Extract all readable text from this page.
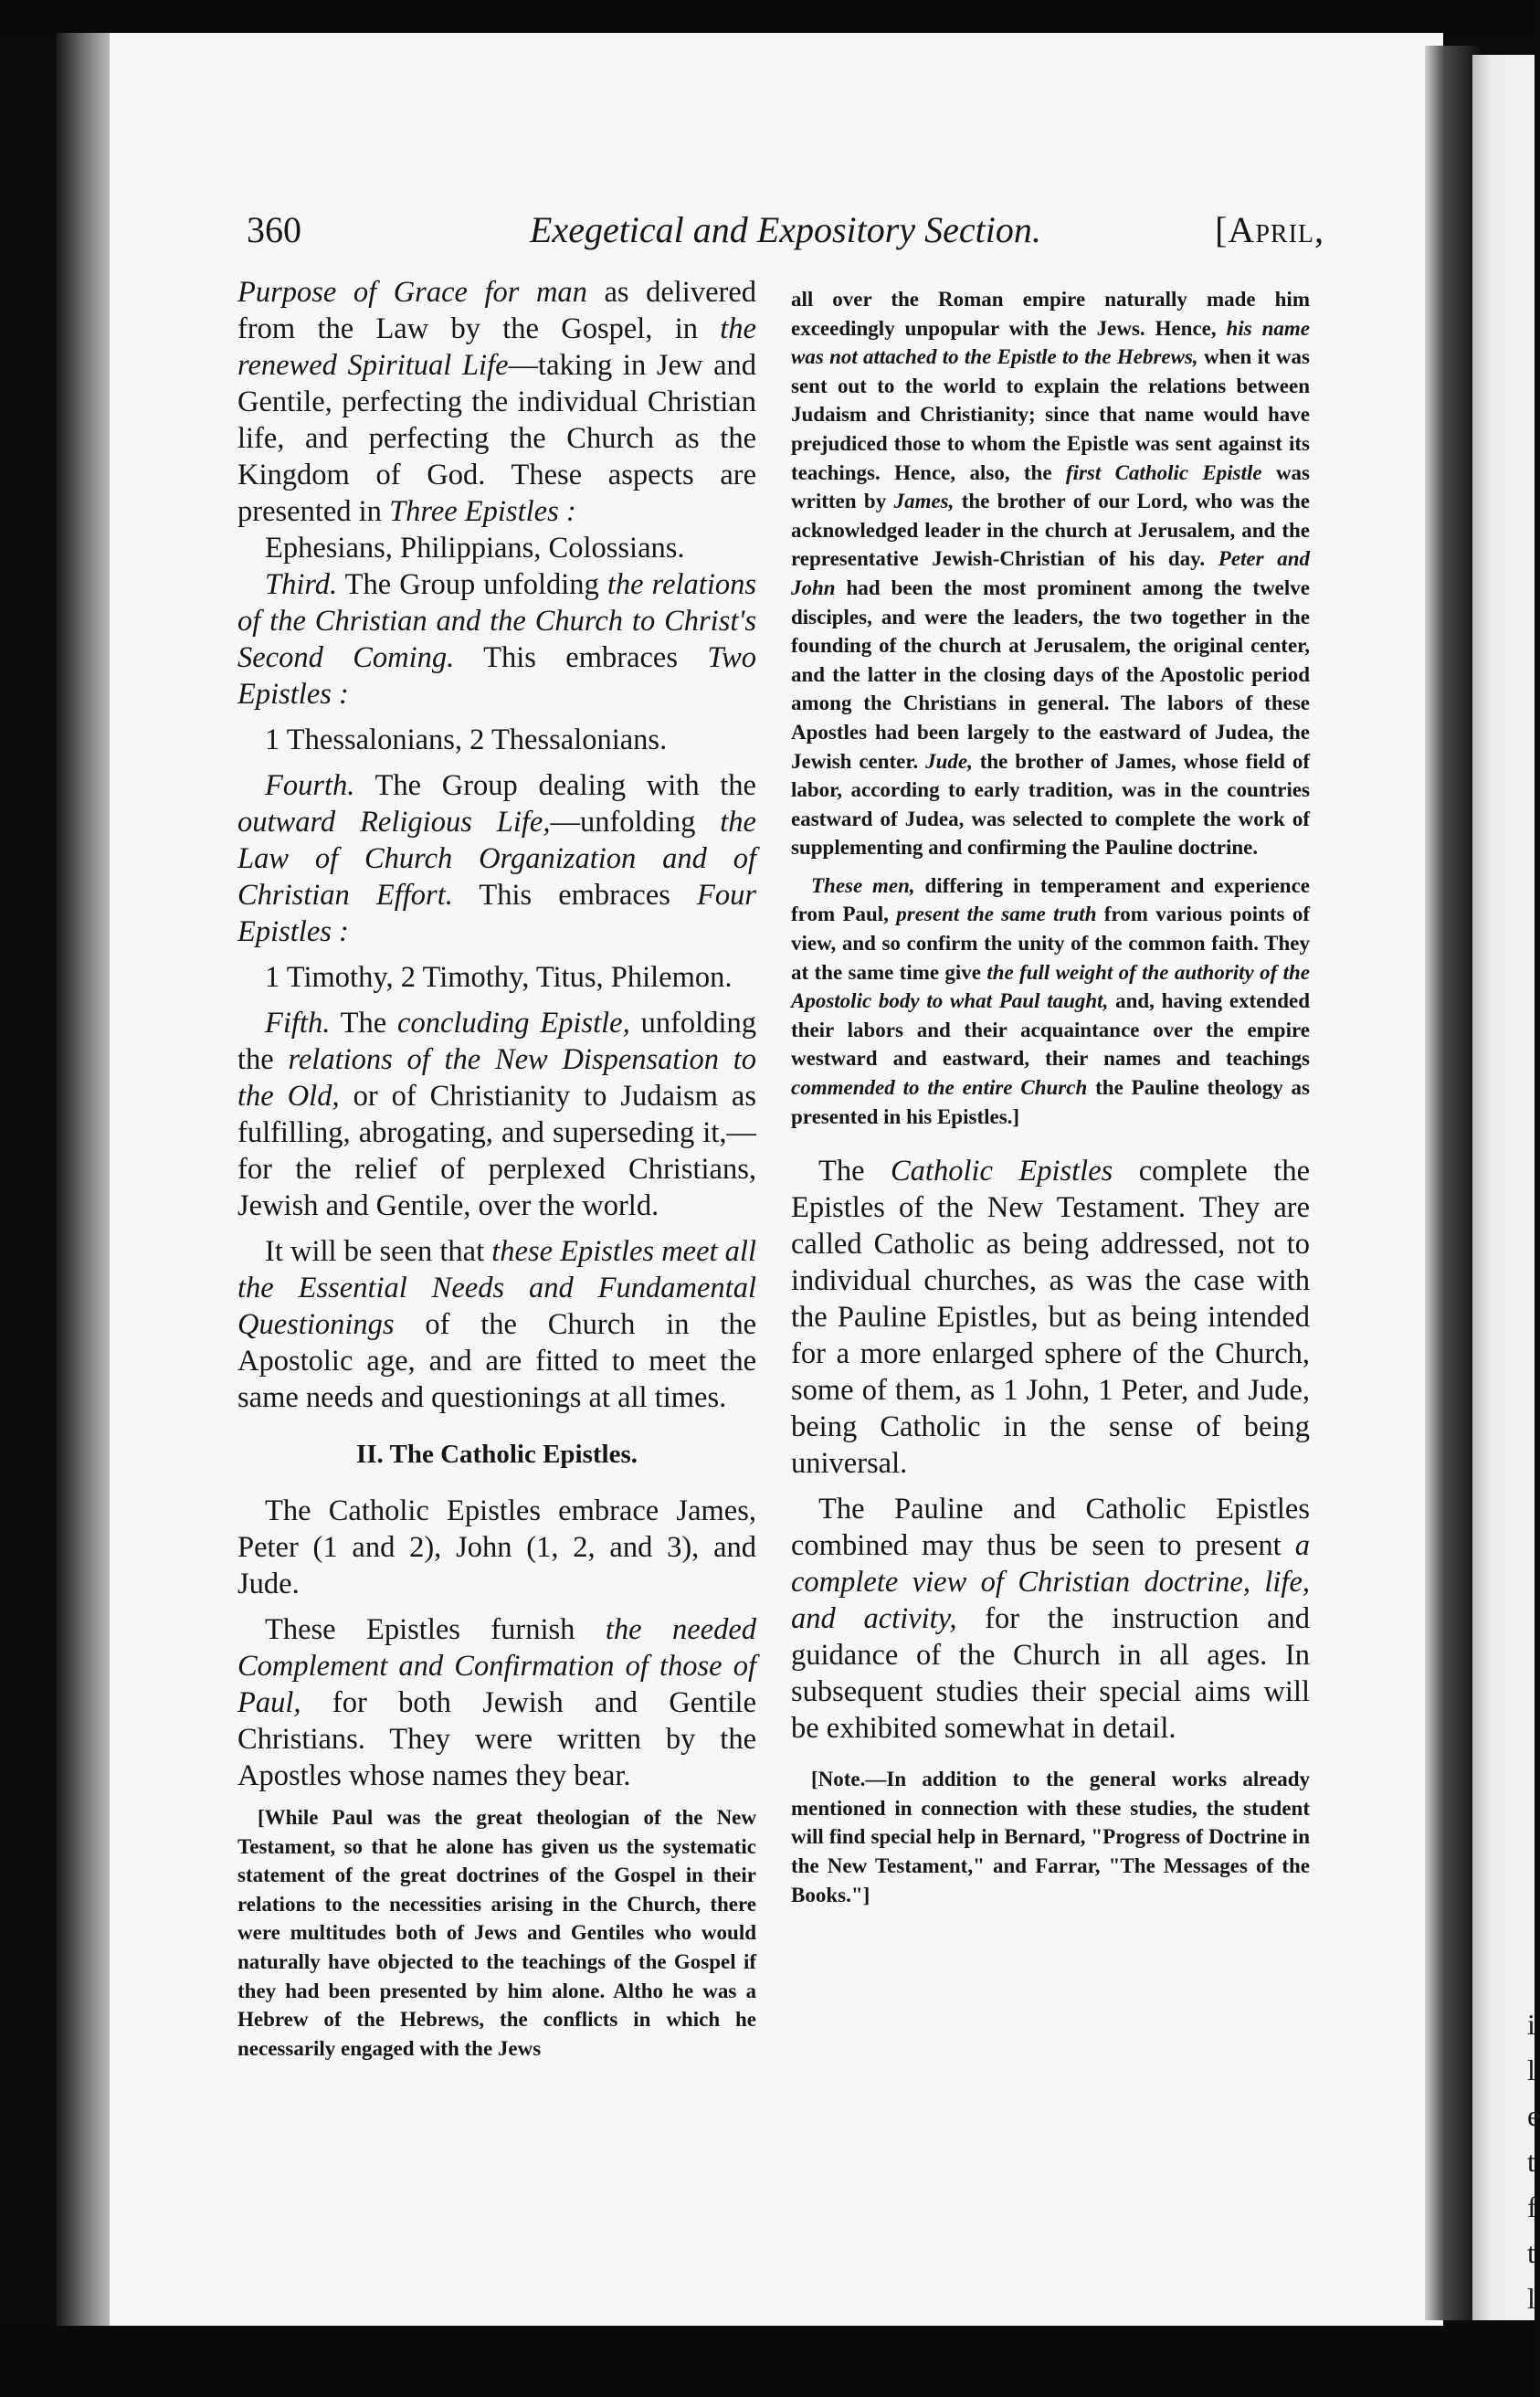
i
l
e
t
f
t
l
360	Exegetical and Expository Section.	[April,

Purpose of Grace for man as delivered from the Law by the Gospel, in the renewed Spiritual Life—taking in Jew and Gentile, perfecting the individual Christian life, and perfecting the Church as the Kingdom of God. These aspects are presented in Three Epistles :

Ephesians, Philippians, Colossians.

Third. The Group unfolding the relations of the Christian and the Church to Christ's Second Coming. This embraces Two Epistles :

1 Thessalonians, 2 Thessalonians.

Fourth. The Group dealing with the outward Religious Life,—unfolding the Law of Church Organization and of Christian Effort. This embraces Four Epistles :

1 Timothy, 2 Timothy, Titus, Philemon.

Fifth. The concluding Epistle, unfolding the relations of the New Dispensation to the Old, or of Christianity to Judaism as fulfilling, abrogating, and superseding it,—for the relief of perplexed Christians, Jewish and Gentile, over the world.

It will be seen that these Epistles meet all the Essential Needs and Fundamental Questionings of the Church in the Apostolic age, and are fitted to meet the same needs and questionings at all times.

II. The Catholic Epistles.

The Catholic Epistles embrace James, Peter (1 and 2), John (1, 2, and 3), and Jude.

These Epistles furnish the needed Complement and Confirmation of those of Paul, for both Jewish and Gentile Christians. They were written by the Apostles whose names they bear.

[While Paul was the great theologian of the New Testament, so that he alone has given us the systematic statement of the great doctrines of the Gospel in their relations to the necessities arising in the Church, there were multitudes both of Jews and Gentiles who would naturally have objected to the teachings of the Gospel if they had been presented by him alone. Altho he was a Hebrew of the Hebrews, the conflicts in which he necessarily engaged with the Jews

all over the Roman empire naturally made him exceedingly unpopular with the Jews. Hence, his name was not attached to the Epistle to the Hebrews, when it was sent out to the world to explain the relations between Judaism and Christianity; since that name would have prejudiced those to whom the Epistle was sent against its teachings. Hence, also, the first Catholic Epistle was written by James, the brother of our Lord, who was the acknowledged leader in the church at Jerusalem, and the representative Jewish-Christian of his day. Peter and John had been the most prominent among the twelve disciples, and were the leaders, the two together in the founding of the church at Jerusalem, the original center, and the latter in the closing days of the Apostolic period among the Christians in general. The labors of these Apostles had been largely to the eastward of Judea, the Jewish center. Jude, the brother of James, whose field of labor, according to early tradition, was in the countries eastward of Judea, was selected to complete the work of supplementing and confirming the Pauline doctrine.

These men, differing in temperament and experience from Paul, present the same truth from various points of view, and so confirm the unity of the common faith. They at the same time give the full weight of the authority of the Apostolic body to what Paul taught, and, having extended their labors and their acquaintance over the empire westward and eastward, their names and teachings commended to the entire Church the Pauline theology as presented in his Epistles.]

The Catholic Epistles complete the Epistles of the New Testament. They are called Catholic as being addressed, not to individual churches, as was the case with the Pauline Epistles, but as being intended for a more enlarged sphere of the Church, some of them, as 1 John, 1 Peter, and Jude, being Catholic in the sense of being universal.

The Pauline and Catholic Epistles combined may thus be seen to present a complete view of Christian doctrine, life, and activity, for the instruction and guidance of the Church in all ages. In subsequent studies their special aims will be exhibited somewhat in detail.

[Note.—In addition to the general works already mentioned in connection with these studies, the student will find special help in Bernard, "Progress of Doctrine in the New Testament," and Farrar, "The Messages of the Books."]
